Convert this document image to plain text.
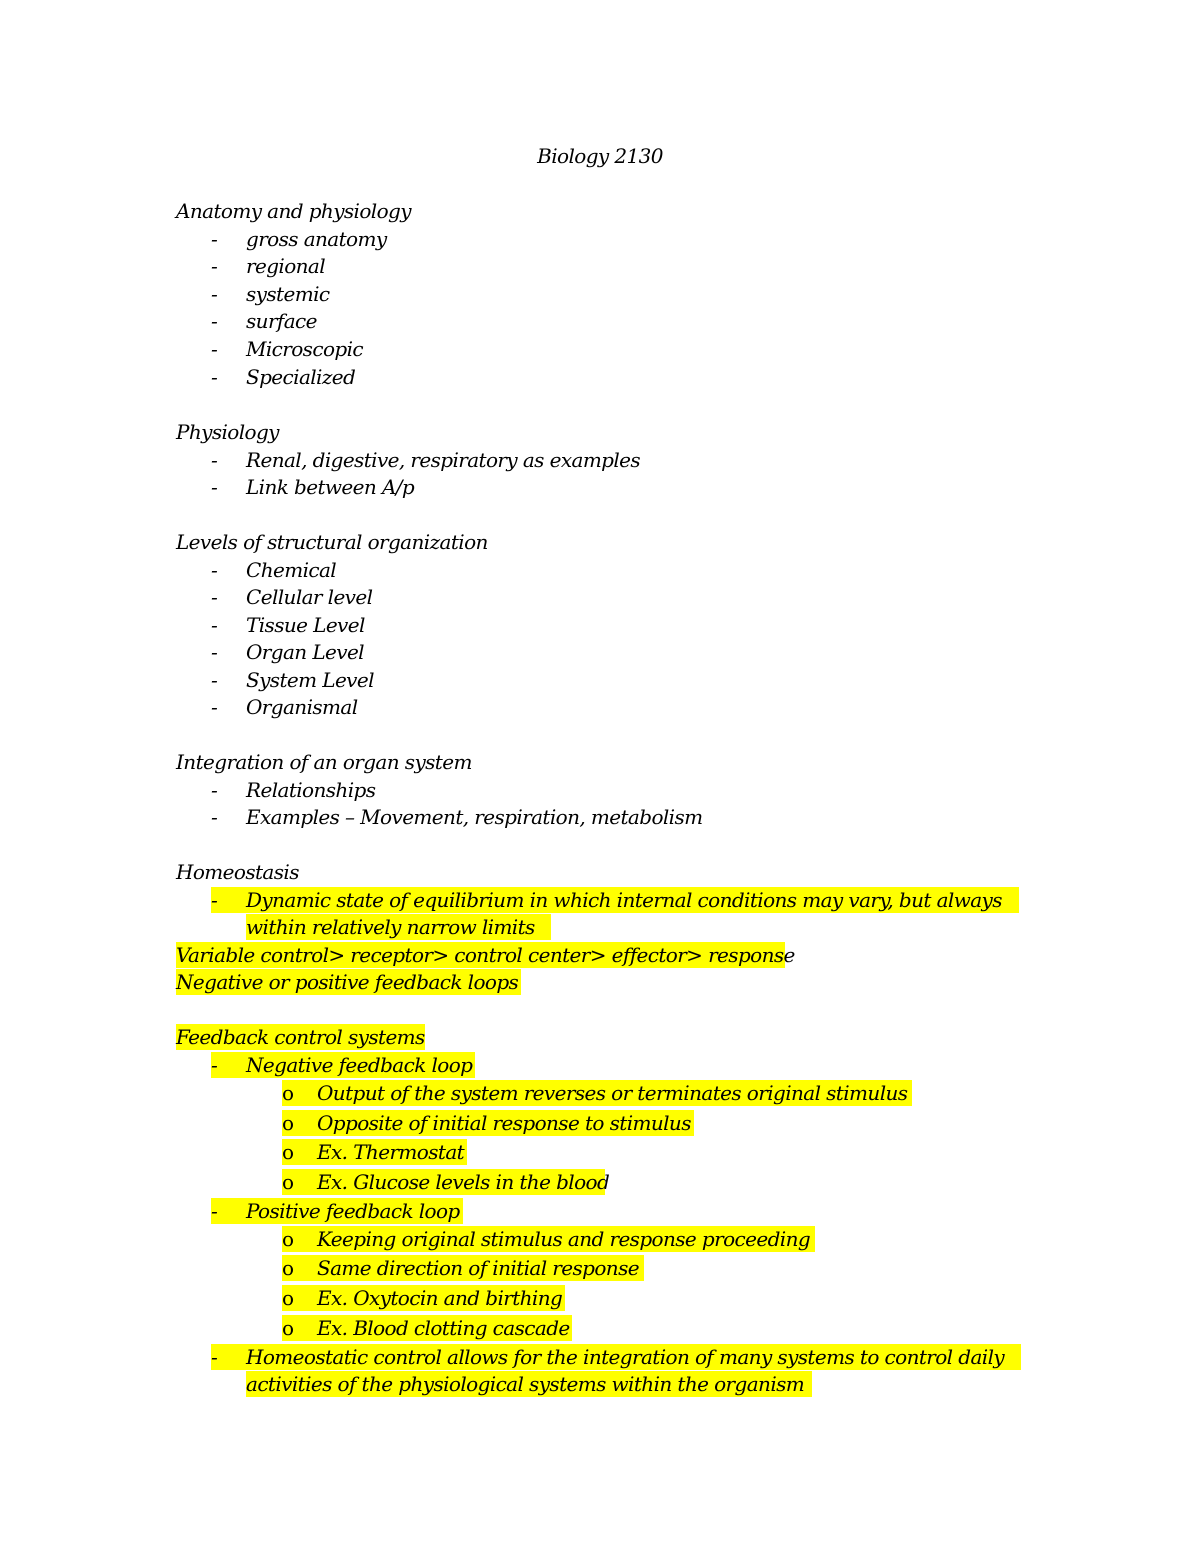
Biology 2130
Anatomy and physiology
- gross anatomy
- regional
- systemic
- surface
- Microscopic
- Specialized
Physiology
- Renal, digestive, respiratory as examples
- Link between A/p
Levels of structural organization
- Chemical
- Cellular level
- Tissue Level
- Organ Level
- System Level
- Organismal
Integration of an organ system
- Relationships
- Examples – Movement, respiration, metabolism
Homeostasis
- Dynamic state of equilibrium in which internal conditions may vary, but always
within relatively narrow limits
Variable control> receptor> control center> effector> response
Negative or positive feedback loops
Feedback control systems
- Negative feedback loop
o Output of the system reverses or terminates original stimulus
o Opposite of initial response to stimulus
o Ex. Thermostat
o Ex. Glucose levels in the blood
- Positive feedback loop
o Keeping original stimulus and response proceeding
o Same direction of initial response
o Ex. Oxytocin and birthing
o Ex. Blood clotting cascade
- Homeostatic control allows for the integration of many systems to control daily
activities of the physiological systems within the organism
